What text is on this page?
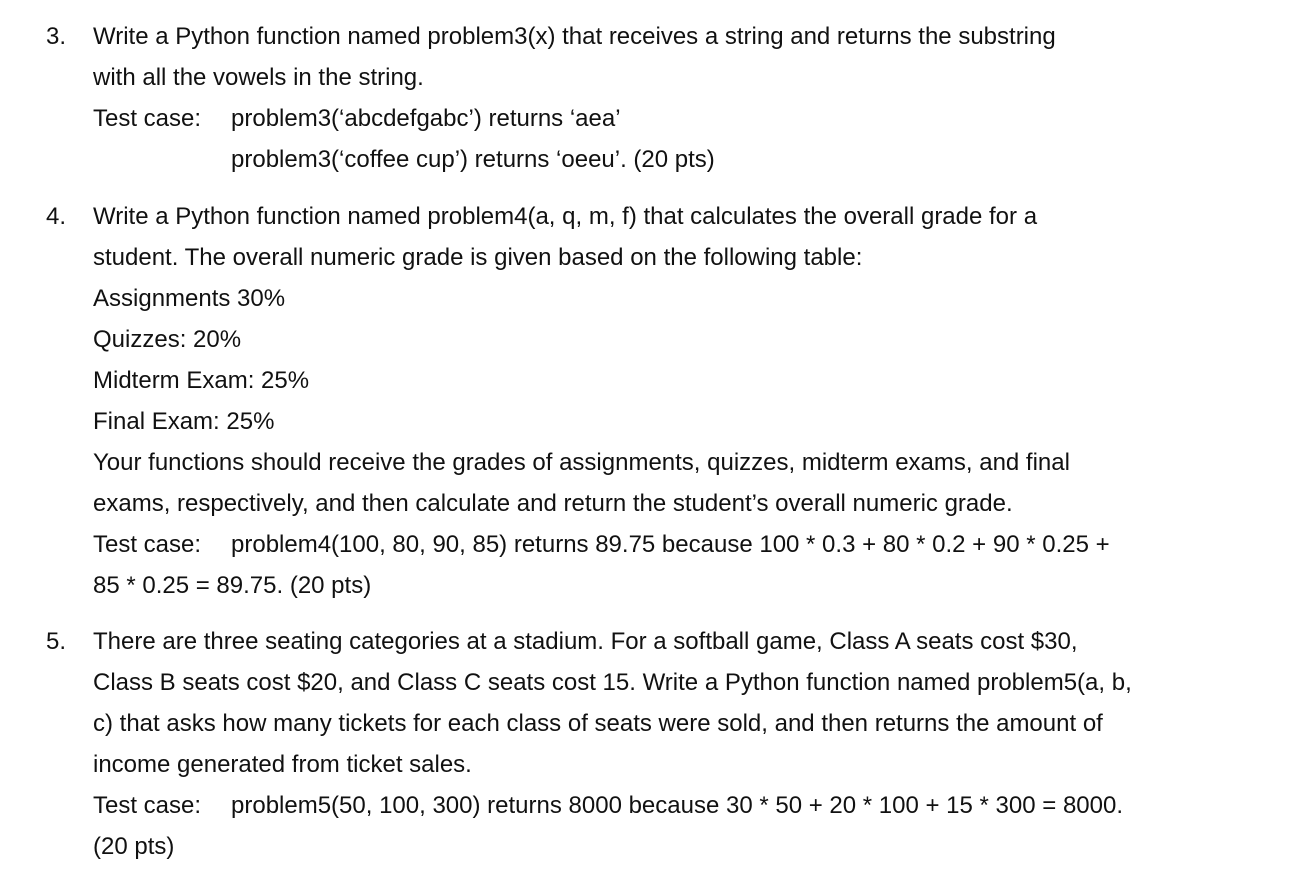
3. Write a Python function named problem3(x) that receives a string and returns the substring
with all the vowels in the string.
Test case: problem3(‘abcdefgabc’) returns ‘aea’
problem3(‘coffee cup’) returns ‘oeeu’. (20 pts)
4. Write a Python function named problem4(a, q, m, f) that calculates the overall grade for a
student. The overall numeric grade is given based on the following table:
Assignments 30%
Quizzes: 20%
Midterm Exam: 25%
Final Exam: 25%
Your functions should receive the grades of assignments, quizzes, midterm exams, and final
exams, respectively, and then calculate and return the student’s overall numeric grade.
Test case: problem4(100, 80, 90, 85) returns 89.75 because 100 * 0.3 + 80 * 0.2 + 90 * 0.25 +
85 * 0.25 = 89.75. (20 pts)
5. There are three seating categories at a stadium. For a softball game, Class A seats cost $30,
Class B seats cost $20, and Class C seats cost 15. Write a Python function named problem5(a, b,
c) that asks how many tickets for each class of seats were sold, and then returns the amount of
income generated from ticket sales.
Test case: problem5(50, 100, 300) returns 8000 because 30 * 50 + 20 * 100 + 15 * 300 = 8000.
(20 pts)
